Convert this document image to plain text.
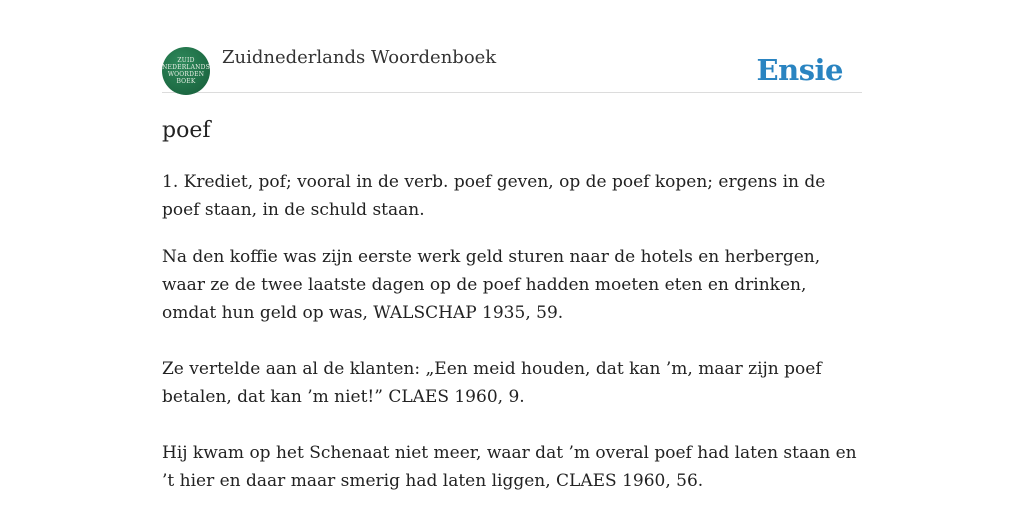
ZUID
NEDERLANDS
WOORDEN
BOEK
Zuidnederlands Woordenboek	Ensie
poef
1. Krediet, pof; vooral in de verb. poef geven, op de poef kopen; ergens in de poef staan, in de schuld staan.
Na den koffie was zijn eerste werk geld sturen naar de hotels en herbergen, waar ze de twee laatste dagen op de poef hadden moeten eten en drinken, omdat hun geld op was, WALSCHAP 1935, 59.
Ze vertelde aan al de klanten: „Een meid houden, dat kan ’m, maar zijn poef betalen, dat kan ’m niet!” CLAES 1960, 9.
Hij kwam op het Schenaat niet meer, waar dat ’m overal poef had laten staan en ’t hier en daar maar smerig had laten liggen, CLAES 1960, 56.
